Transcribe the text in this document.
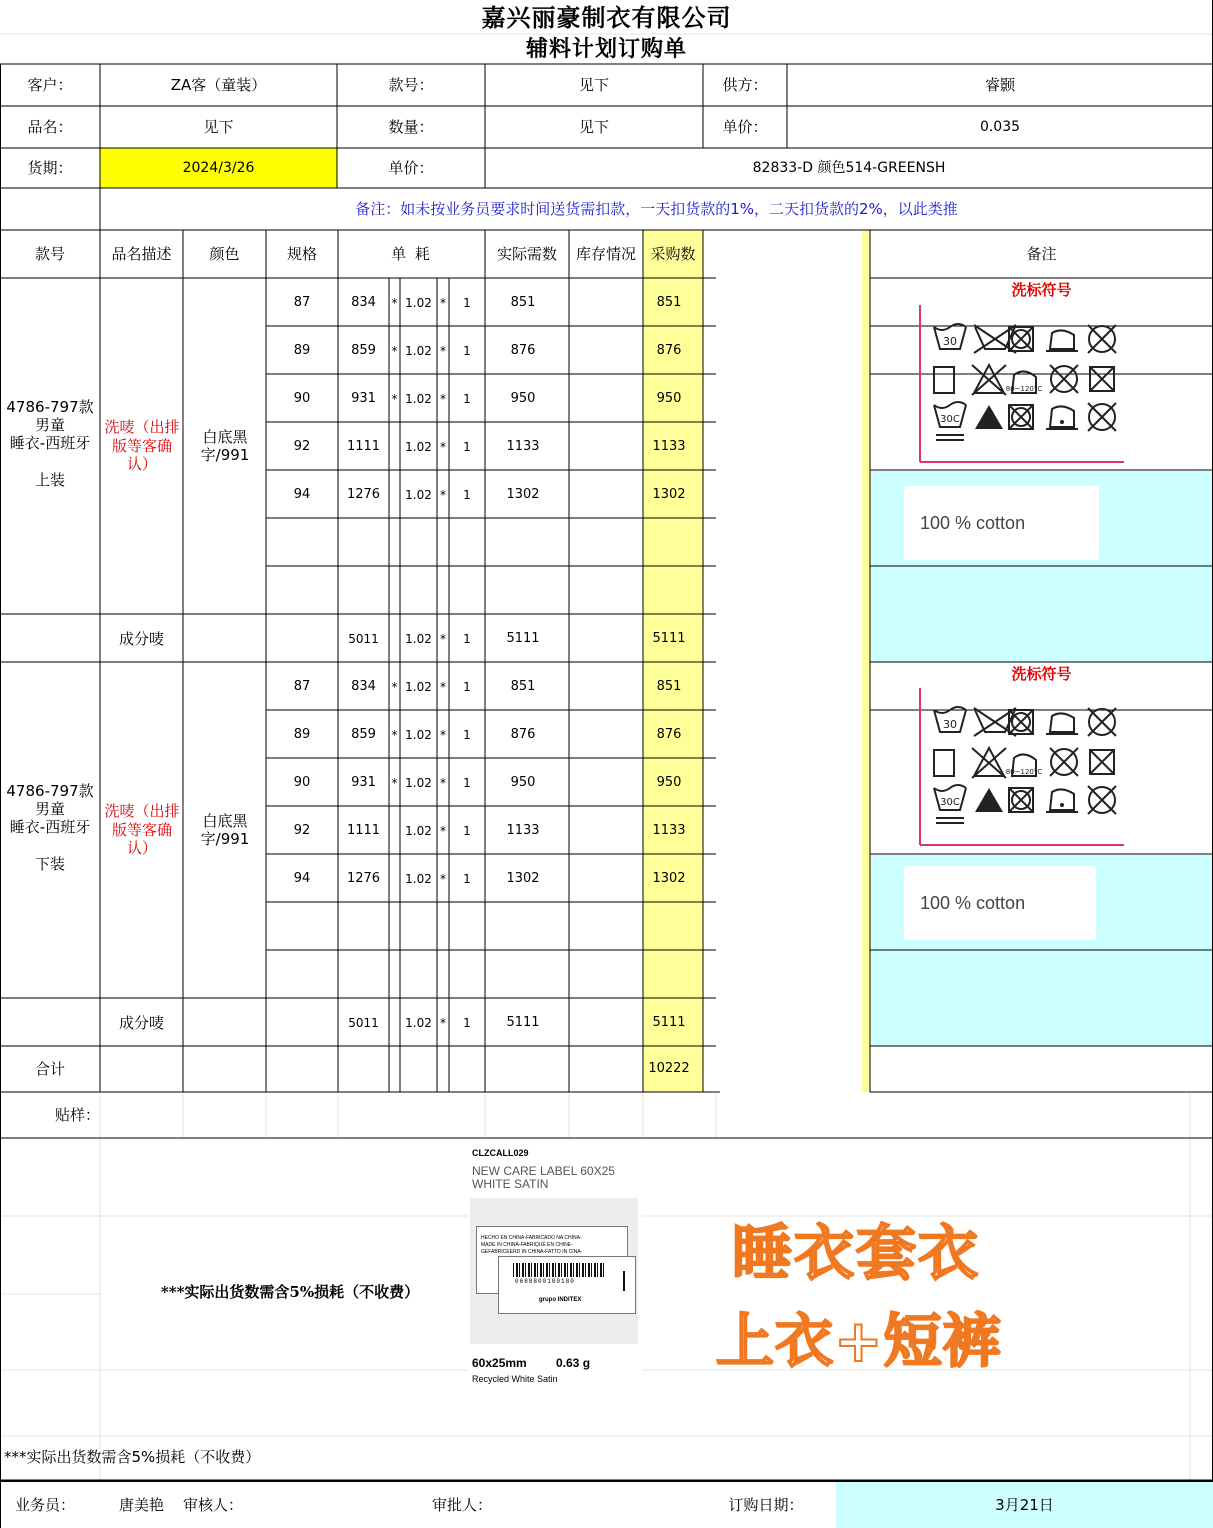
嘉兴丽豪制衣有限公司
辅料计划订购单
客户：	ZA客（童装）	款号：	见下	供方：	睿颢
品名：	见下	数量：	见下	单价：	0.035
货期：	2024/3/26	单价：	82833-D 颜色514-GREENSH
备注：如未按业务员要求时间送货需扣款，一天扣货款的1%，二天扣货款的2%，以此类推
款号	品名描述	颜色	规格	单 耗	实际需数	库存情况 采购数	备注
4786-797款
男童
睡衣-西班牙
上装
洗唛（出排版等客确认）
白底黑字/991
87	834	* 1.02 *	1	851	851
89	859	* 1.02 *	1	876	876
90	931	* 1.02 *	1	950	950
92	1111	1.02 *	1	1133	1133
94	1276	1.02 *	1	1302	1302
成分唛	5011	1.02 *	1	5111	5111
洗标符号
30
30C
80~120°C
100 % cotton
4786-797款
男童
睡衣-西班牙
下装
洗唛（出排版等客确认）
白底黑字/991
87	834	* 1.02 *	1	851	851
89	859	* 1.02 *	1	876	876
90	931	* 1.02 *	1	950	950
92	1111	1.02 *	1	1133	1133
94	1276	1.02 *	1	1302	1302
成分唛	5011	1.02 *	1	5111	5111
洗标符号
30
30C
80~120°C
100 % cotton
合计	10222
贴样：
***实际出货数需含5%损耗（不收费）
CLZCALL029
NEW CARE LABEL 60X25
WHITE SATIN
HECHO EN CHINA-FABRICADO NA CHINA-
MADE IN CHINA-FABRIQUÉ EN CHINE-
GEFABRICEERD IN CHINA-FATTO IN CINA-
0688800180180
grupo INDITEX
60x25mm 0.63 g
Recycled White Satin
睡衣套衣
上衣+短裤
***实际出货数需含5%损耗（不收费）
业务员：	唐美艳	审核人：	审批人：	订购日期：	3月21日
